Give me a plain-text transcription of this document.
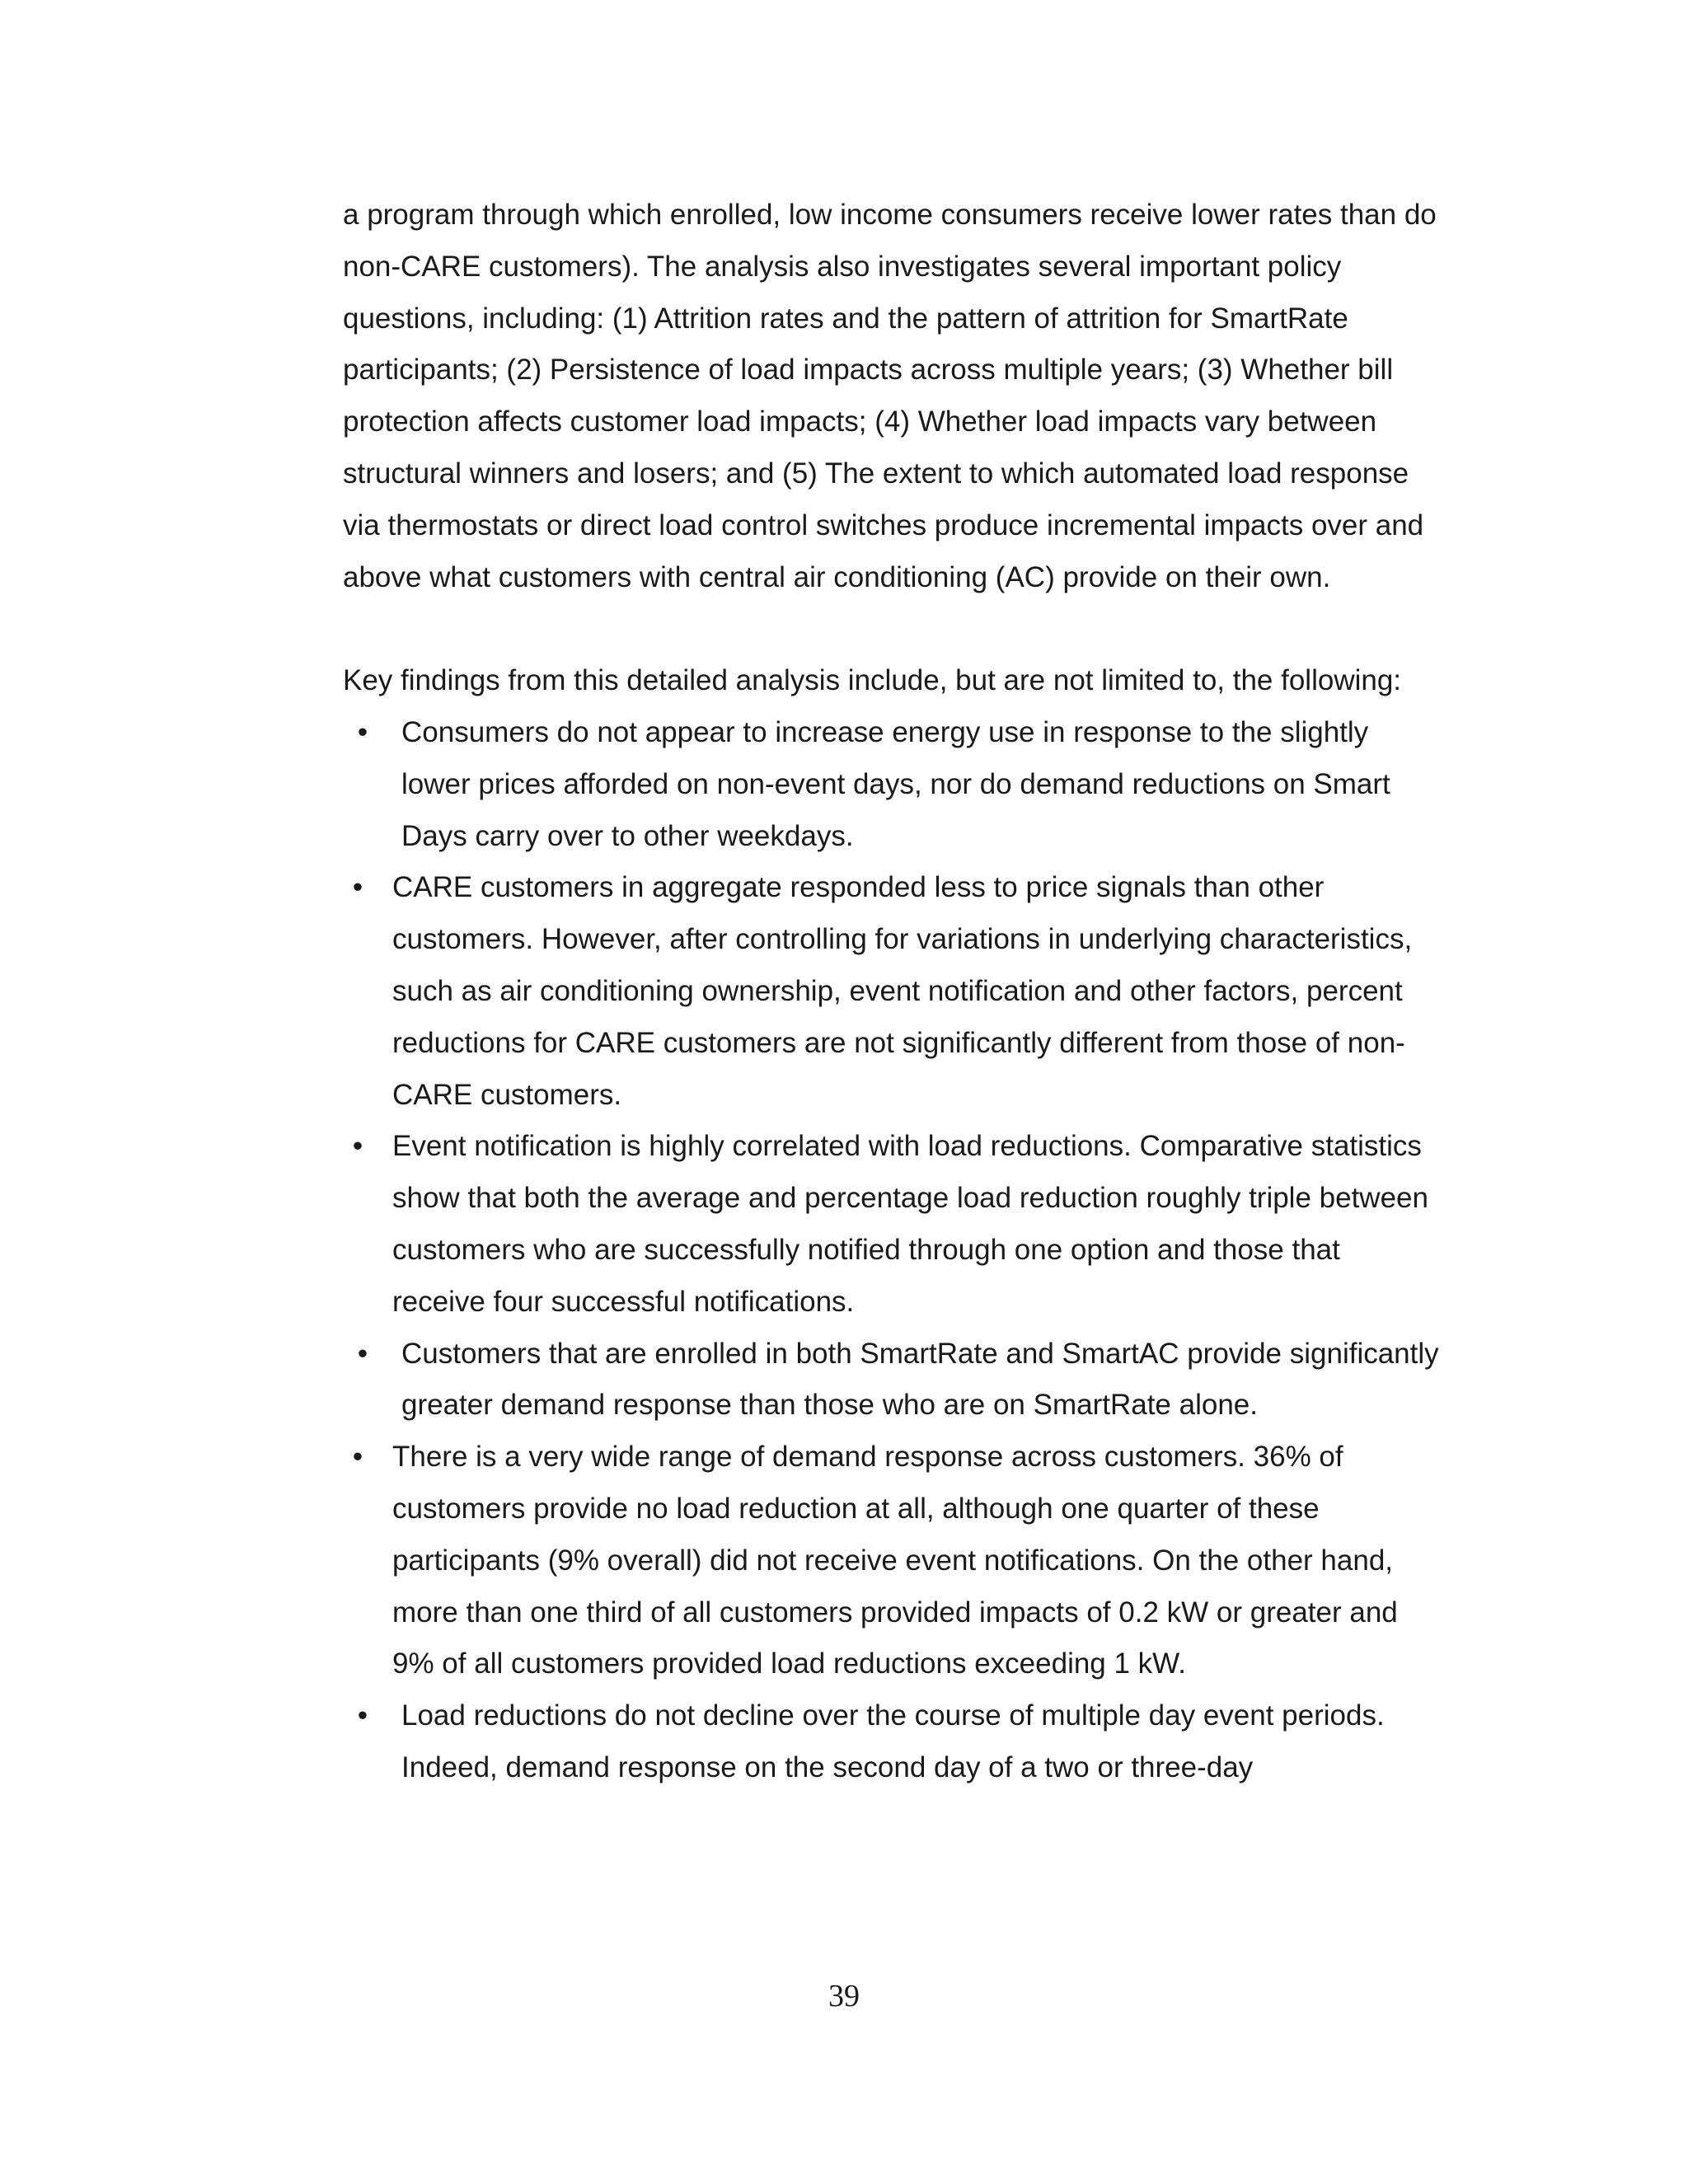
a program through which enrolled, low income consumers receive lower rates than do non-CARE customers). The analysis also investigates several important policy questions, including: (1) Attrition rates and the pattern of attrition for SmartRate participants; (2) Persistence of load impacts across multiple years; (3) Whether bill protection affects customer load impacts; (4) Whether load impacts vary between structural winners and losers; and (5) The extent to which automated load response via thermostats or direct load control switches produce incremental impacts over and above what customers with central air conditioning (AC) provide on their own.

Key findings from this detailed analysis include, but are not limited to, the following:

• Consumers do not appear to increase energy use in response to the slightly lower prices afforded on non-event days, nor do demand reductions on Smart Days carry over to other weekdays.
• CARE customers in aggregate responded less to price signals than other customers. However, after controlling for variations in underlying characteristics, such as air conditioning ownership, event notification and other factors, percent reductions for CARE customers are not significantly different from those of non-CARE customers.
• Event notification is highly correlated with load reductions. Comparative statistics show that both the average and percentage load reduction roughly triple between customers who are successfully notified through one option and those that receive four successful notifications.
• Customers that are enrolled in both SmartRate and SmartAC provide significantly greater demand response than those who are on SmartRate alone.
• There is a very wide range of demand response across customers. 36% of customers provide no load reduction at all, although one quarter of these participants (9% overall) did not receive event notifications. On the other hand, more than one third of all customers provided impacts of 0.2 kW or greater and 9% of all customers provided load reductions exceeding 1 kW.
• Load reductions do not decline over the course of multiple day event periods. Indeed, demand response on the second day of a two or three-day
39
